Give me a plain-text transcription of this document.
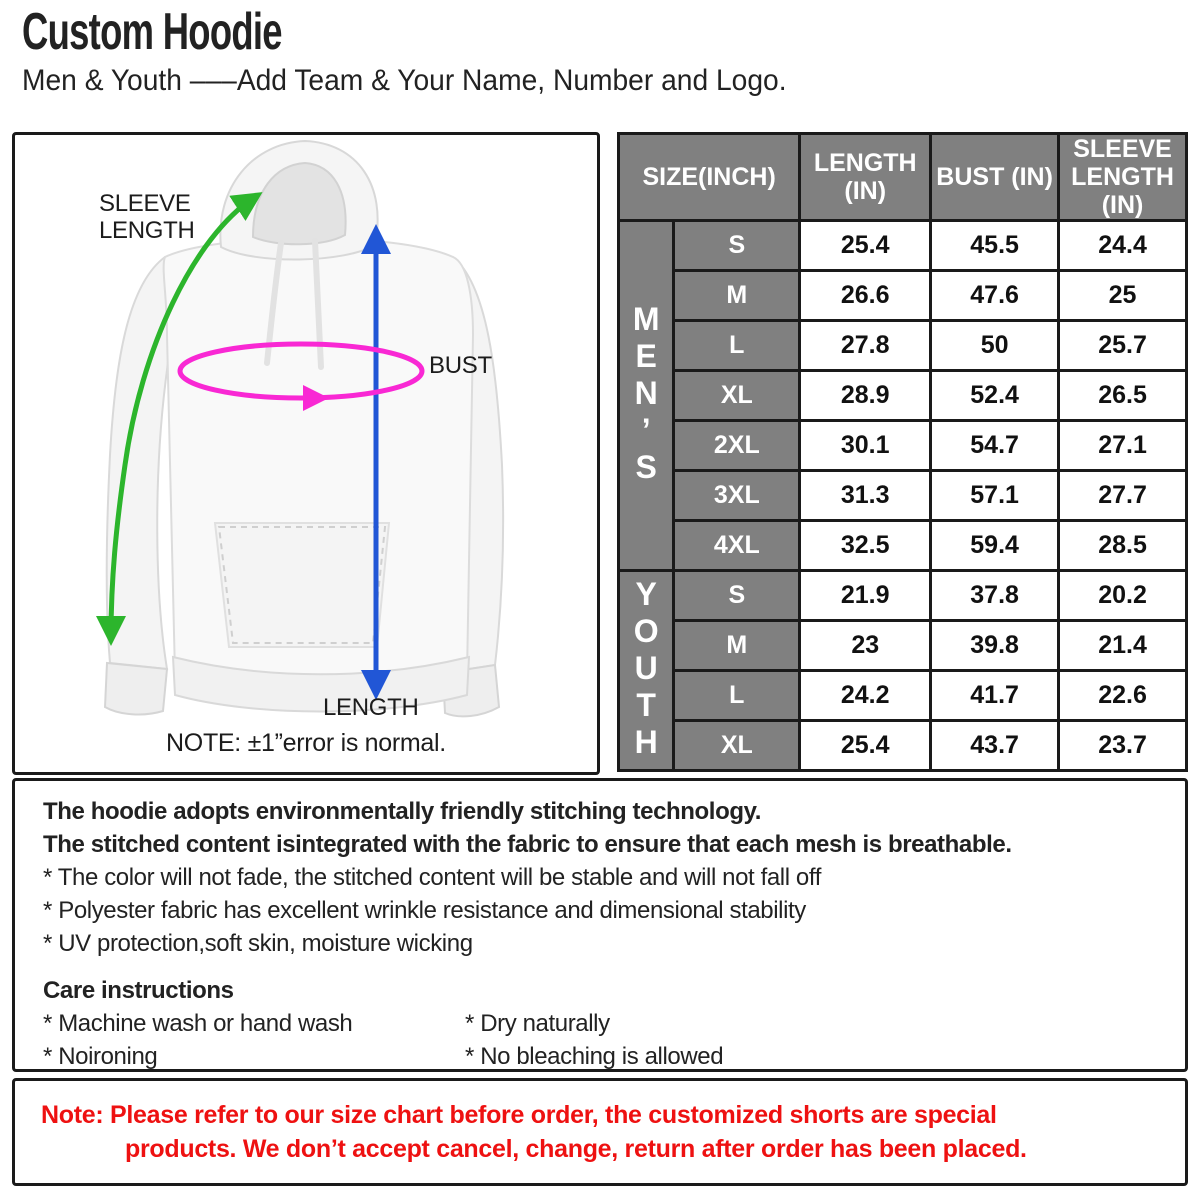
Custom Hoodie
Men & Youth –––Add Team & Your Name, Number and Logo.
SLEEVE
LENGTH
BUST
LENGTH
NOTE: ±1”error is normal.
SIZE(INCH)		LENGTH (IN)	BUST (IN)	SLEEVE LENGTH (IN)
MEN’S	S	25.4	45.5	24.4
	M	26.6	47.6	25
	L	27.8	50	25.7
	XL	28.9	52.4	26.5
	2XL	30.1	54.7	27.1
	3XL	31.3	57.1	27.7
	4XL	32.5	59.4	28.5
YOUTH	S	21.9	37.8	20.2
	M	23	39.8	21.4
	L	24.2	41.7	22.6
	XL	25.4	43.7	23.7
The hoodie adopts environmentally friendly stitching technology.
The stitched content isintegrated with the fabric to ensure that each mesh is breathable.
* The color will not fade, the stitched content will be stable and will not fall off
* Polyester fabric has excellent wrinkle resistance and dimensional stability
* UV protection,soft skin, moisture wicking
Care instructions
* Machine wash or hand wash	* Dry naturally
* Noironing	* No bleaching is allowed
Note: Please refer to our size chart before order, the customized shorts are special
products. We don’t accept cancel, change, return after order has been placed.
